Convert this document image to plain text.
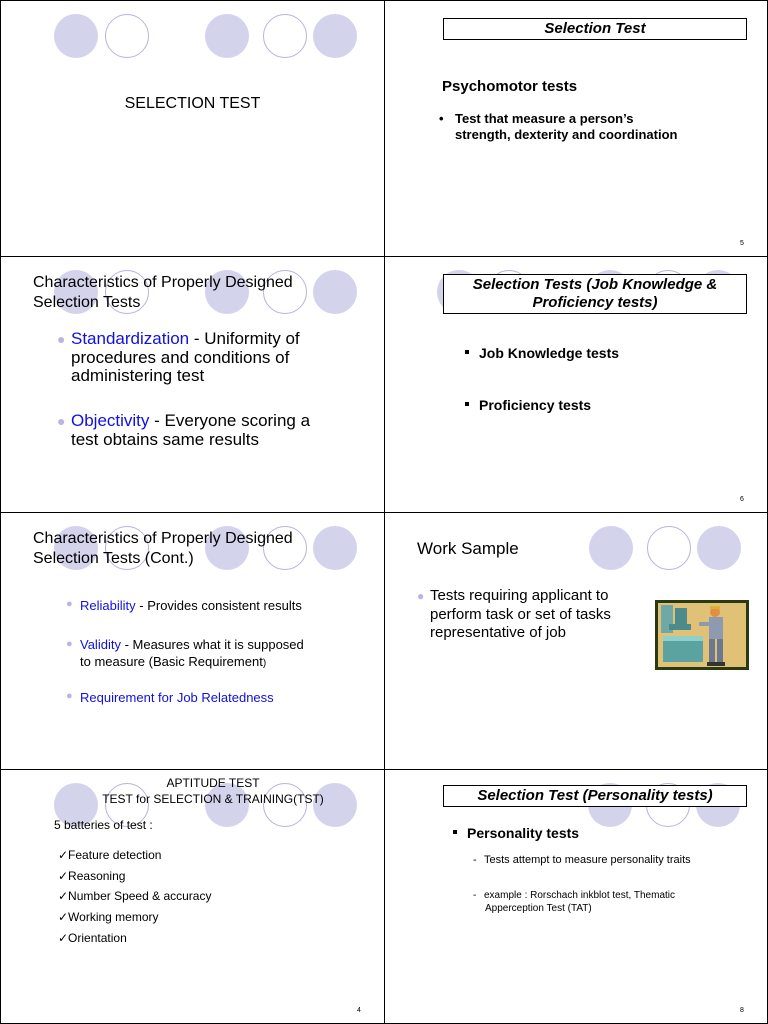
SELECTION TEST
Selection Test
Psychomotor tests
• Test that measure a person’s
strength, dexterity and coordination
5
Characteristics of Properly Designed
Selection Tests
● Standardization - Uniformity of
procedures and conditions of
administering test
● Objectivity - Everyone scoring a
test obtains same results
Selection Tests (Job Knowledge &
Proficiency tests)
Job Knowledge tests
Proficiency tests
6
Characteristics of Properly Designed
Selection Tests (Cont.)
● Reliability - Provides consistent results
● Validity - Measures what it is supposed
to measure (Basic Requirement)
● Requirement for Job Relatedness
Work Sample
● Tests requiring applicant to
perform task or set of tasks
representative of job
APTITUDE TEST
TEST for SELECTION & TRAINING(TST)
5 batteries of test :
✓Feature detection
✓Reasoning
✓Number Speed & accuracy
✓Working memory
✓Orientation
4
Selection Test (Personality tests)
Personality tests
- Tests attempt to measure personality traits
- example : Rorschach inkblot test, Thematic
Apperception Test (TAT)
8
